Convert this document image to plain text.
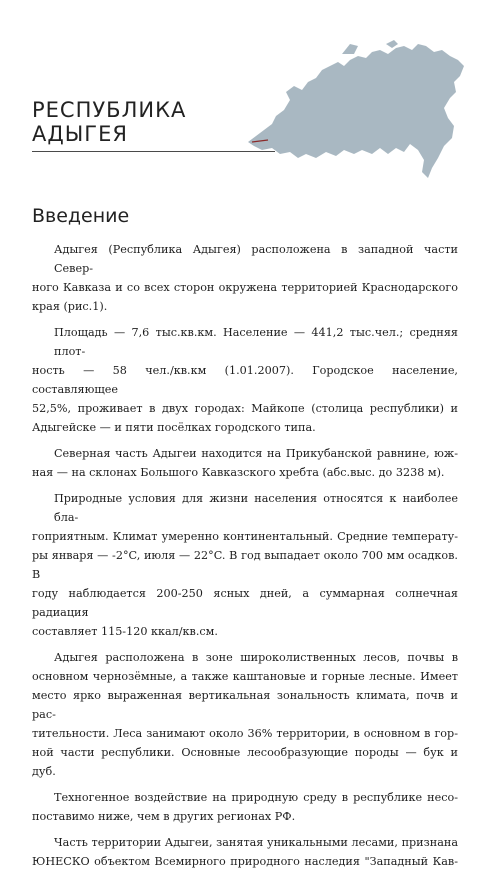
РЕСПУБЛИКА
АДЫГЕЯ
Введение
Адыгея (Республика Адыгея) расположена в западной части Север-
ного Кавказа и со всех сторон окружена территорией Краснодарского
края (рис.1).
Площадь — 7,6 тыс.кв.км. Население — 441,2 тыс.чел.; средняя плот-
ность — 58 чел./кв.км (1.01.2007). Городское население, составляющее
52,5%, проживает в двух городах: Майкопе (столица республики) и
Адыгейске — и пяти посёлках городского типа.
Северная часть Адыгеи находится на Прикубанской равнине, юж-
ная — на склонах Большого Кавказского хребта (абс.выс. до 3238 м).
Природные условия для жизни населения относятся к наиболее бла-
гоприятным. Климат умеренно континентальный. Средние температу-
ры января — -2°C, июля — 22°C. В год выпадает около 700 мм осадков. В
году наблюдается 200-250 ясных дней, а суммарная солнечная радиация
составляет 115-120 ккал/кв.см.
Адыгея расположена в зоне широколиственных лесов, почвы в
основном чернозёмные, а также каштановые и горные лесные. Имеет
место ярко выраженная вертикальная зональность климата, почв и рас-
тительности. Леса занимают около 36% территории, в основном в гор-
ной части республики. Основные лесообразующие породы — бук и дуб.
Техногенное воздействие на природную среду в республике несо-
поставимо ниже, чем в других регионах РФ.
Часть территории Адыгеи, занятая уникальными лесами, признана
ЮНЕСКО объектом Всемирного природного наследия "Западный Кав-
